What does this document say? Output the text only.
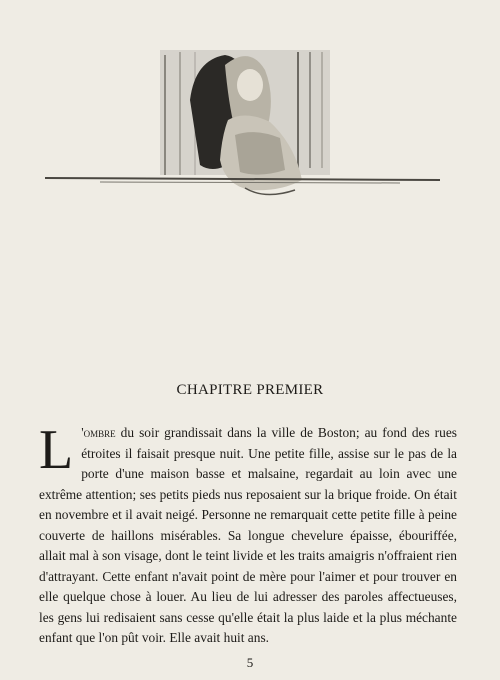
CHAPITRE PREMIER
L 'ombre du soir grandissait dans la ville de Boston; au fond des rues étroites il faisait presque nuit. Une petite fille, assise sur le pas de la porte d'une maison basse et malsaine, regardait au loin avec une extrême attention; ses petits pieds nus reposaient sur la brique froide. On était en novembre et il avait neigé. Personne ne remarquait cette petite fille à peine couverte de haillons misérables. Sa longue chevelure épaisse, ébouriffée, allait mal à son visage, dont le teint livide et les traits amaigris n'offraient rien d'attrayant. Cette enfant n'avait point de mère pour l'aimer et pour trouver en elle quelque chose à louer. Au lieu de lui adresser des paroles affectueuses, les gens lui redisaient sans cesse qu'elle était la plus laide et la plus méchante enfant que l'on pût voir. Elle avait huit ans.
5
